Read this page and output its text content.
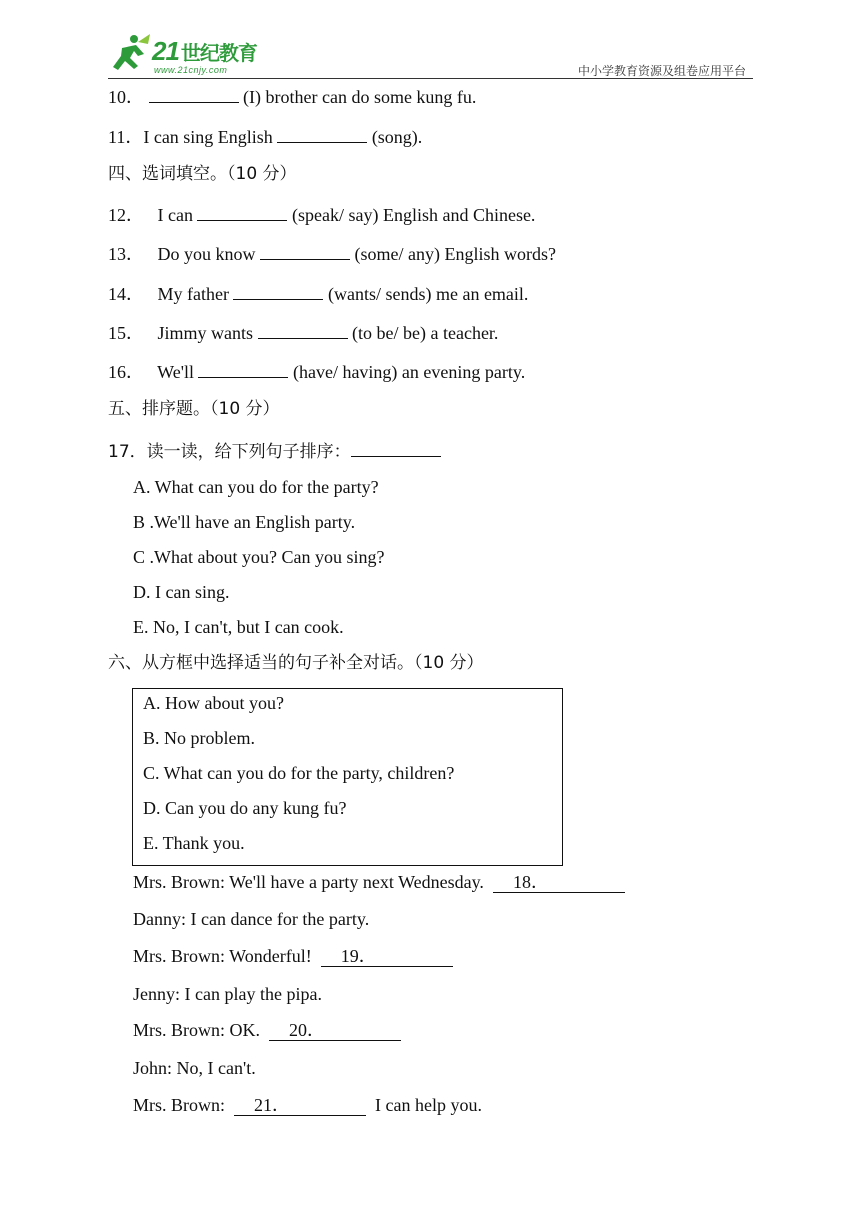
21 世纪教育
www.21cnjy.com	中小学教育资源及组卷应用平台
10．	(I) brother can do some kung fu.
11．I can sing English	(song).
四、选词填空。（10 分）
12．   I can	(speak/ say) English and Chinese.
13．   Do you know	(some/ any) English words?
14．   My father	(wants/ sends) me an email.
15．   Jimmy wants	(to be/ be) a teacher.
16．   We'll	(have/ having) an evening party.
五、排序题。（10 分）
17．读一读，给下列句子排序：
A. What can you do for the party?
B .We'll have an English party.
C .What about you? Can you sing?
D. I can sing.
E. No, I can't, but I can cook.
六、从方框中选择适当的句子补全对话。（10 分）
A. How about you?
B. No problem.
C. What can you do for the party, children?
D. Can you do any kung fu?
E. Thank you.
Mrs. Brown: We'll have a party next Wednesday.  18．
Danny: I can dance for the party.
Mrs. Brown: Wonderful!  19．
Jenny: I can play the pipa.
Mrs. Brown: OK.  20．
John: No, I can't.
Mrs. Brown:  21．	I can help you.
